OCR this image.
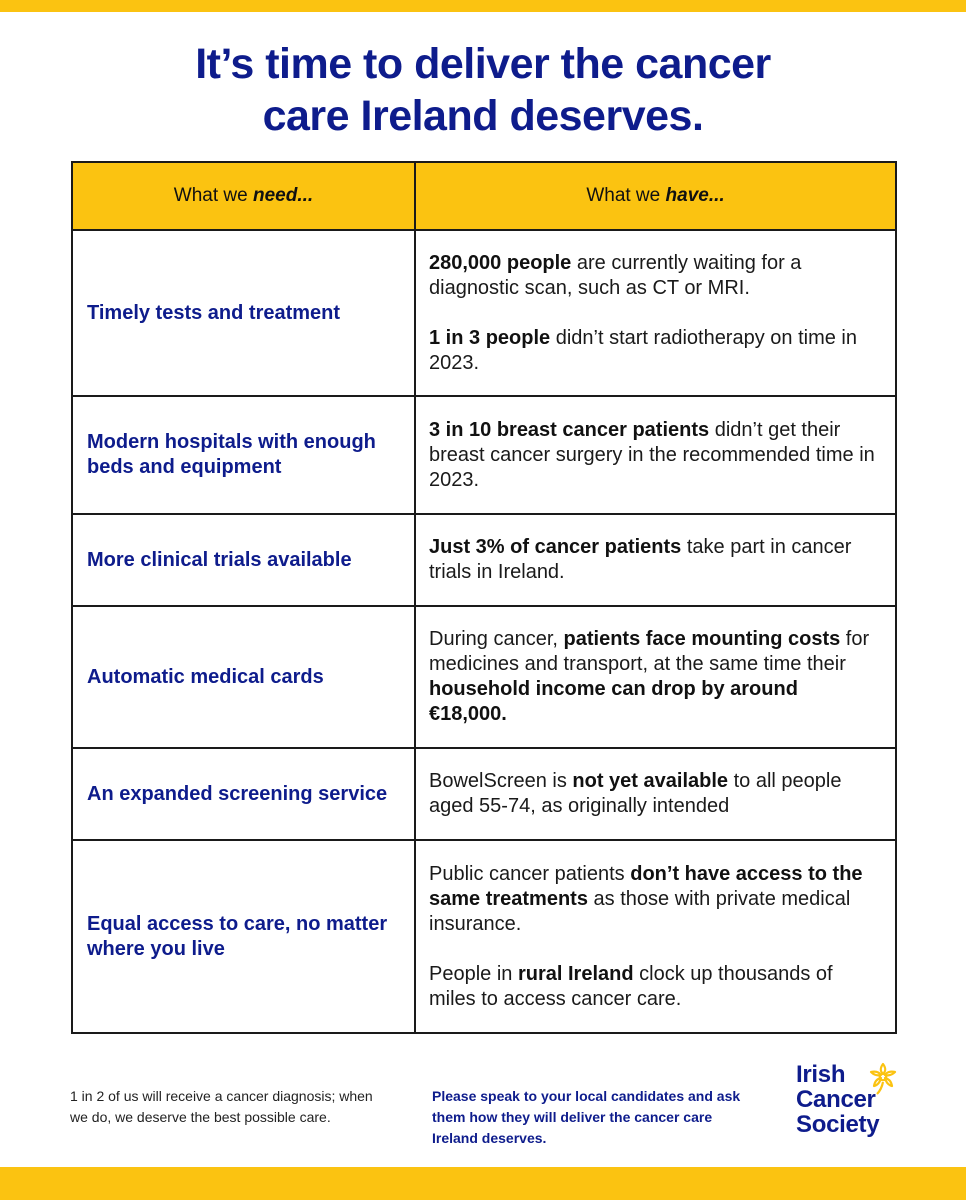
It’s time to deliver the cancer
care Ireland deserves.
What we need...	What we have...
Timely tests and treatment	280,000 people are currently waiting for a diagnostic scan, such as CT or MRI.

1 in 3 people didn’t start radiotherapy on time in 2023.

Modern hospitals with enough beds and equipment	3 in 10 breast cancer patients didn’t get their breast cancer surgery in the recommended time in 2023.

More clinical trials available	Just 3% of cancer patients take part in cancer trials in Ireland.

Automatic medical cards	During cancer, patients face mounting costs for medicines and transport, at the same time their household income can drop by around €18,000.

An expanded screening service	BowelScreen is not yet available to all people aged 55-74, as originally intended

Equal access to care, no matter where you live	Public cancer patients don’t have access to the same treatments as those with private medical insurance.

People in rural Ireland clock up thousands of miles to access cancer care.

1 in 2 of us will receive a cancer diagnosis; when we do, we deserve the best possible care.

Please speak to your local candidates and ask them how they will deliver the cancer care Ireland deserves.

Irish
Cancer
Society
